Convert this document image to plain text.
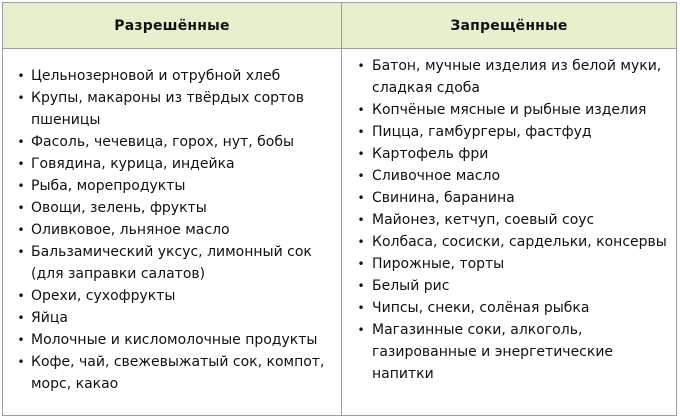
Разрешённые	Запрещённые
• Цельнозерновой и отрубной хлеб
• Крупы, макароны из твёрдых сортов пшеницы
• Фасоль, чечевица, горох, нут, бобы
• Говядина, курица, индейка
• Рыба, морепродукты
• Овощи, зелень, фрукты
• Оливковое, льняное масло
• Бальзамический уксус, лимонный сок (для заправки салатов)
• Орехи, сухофрукты
• Яйца
• Молочные и кисломолочные продукты
• Кофе, чай, свежевыжатый сок, компот, морс, какао
• Батон, мучные изделия из белой муки, сладкая сдоба
• Копчёные мясные и рыбные изделия
• Пицца, гамбургеры, фастфуд
• Картофель фри
• Сливочное масло
• Свинина, баранина
• Майонез, кетчуп, соевый соус
• Колбаса, сосиски, сардельки, консервы
• Пирожные, торты
• Белый рис
• Чипсы, снеки, солёная рыбка
• Магазинные соки, алкоголь, газированные и энергетические напитки
